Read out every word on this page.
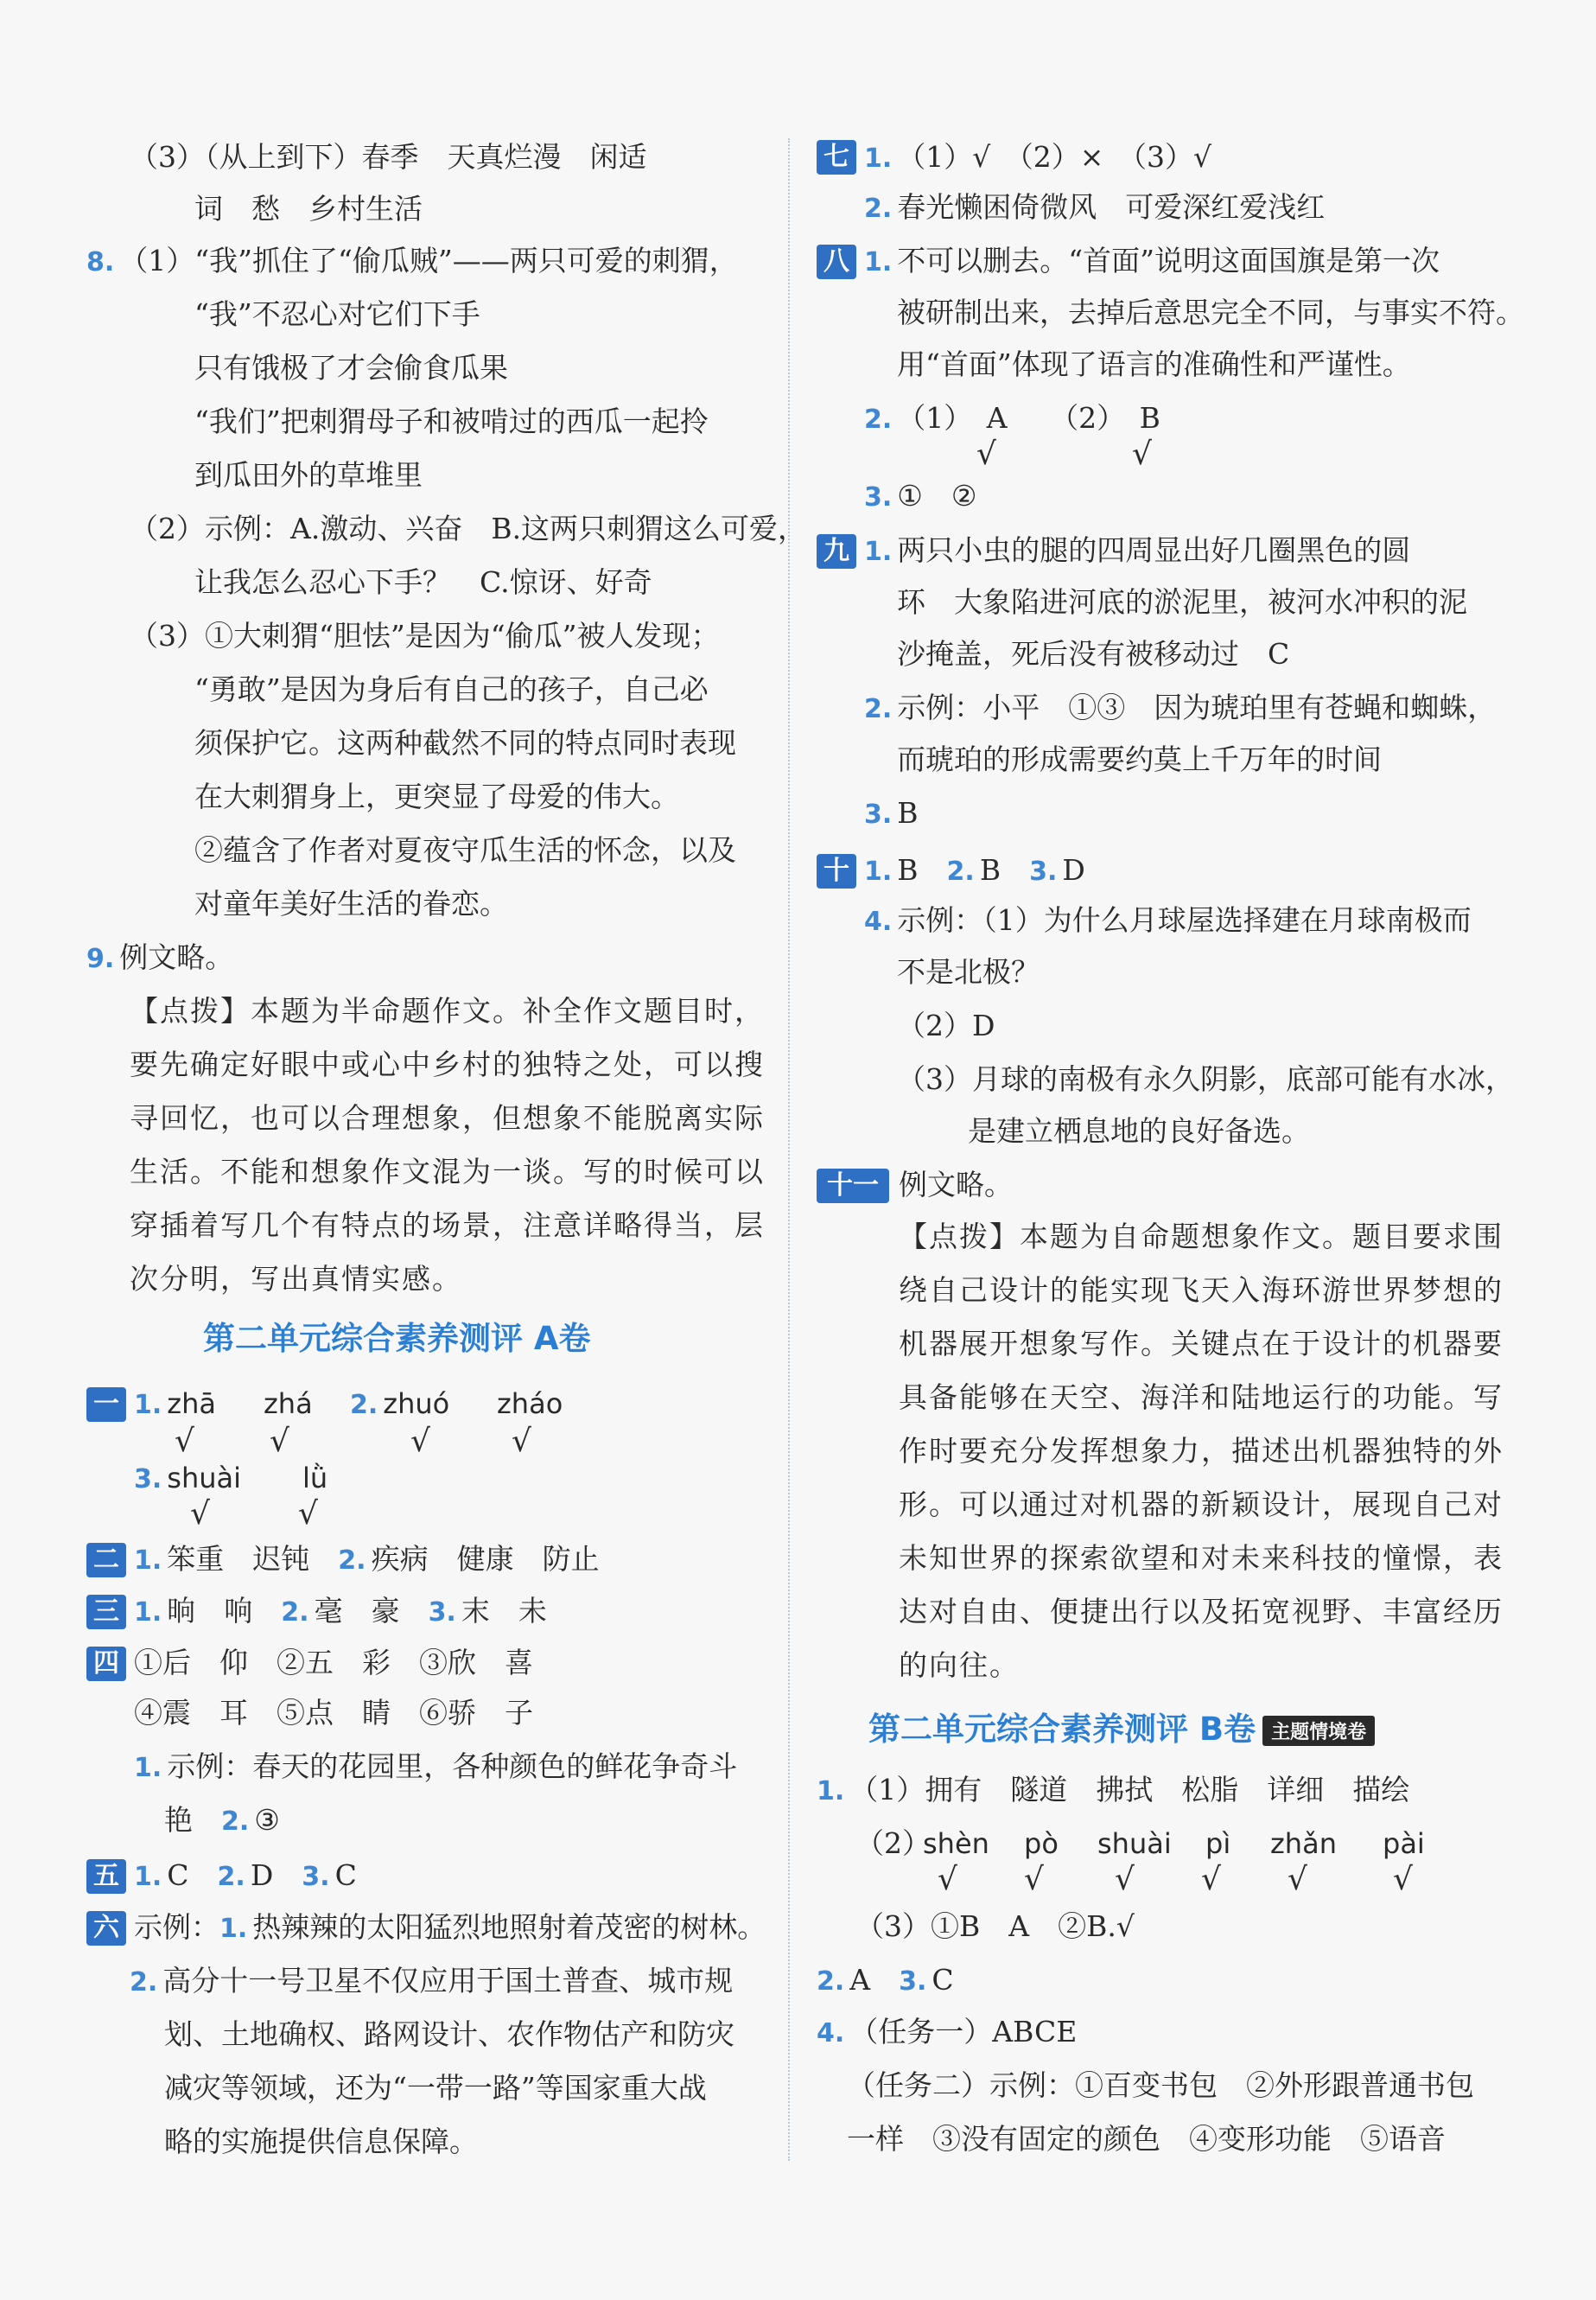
（3）（从上到下）春季　天真烂漫　闲适
词　愁　乡村生活
8. （1）“我”抓住了“偷瓜贼”——两只可爱的刺猬，
“我”不忍心对它们下手
只有饿极了才会偷食瓜果
“我们”把刺猬母子和被啃过的西瓜一起拎
到瓜田外的草堆里
（2）示例：A.激动、兴奋　B.这两只刺猬这么可爱，
让我怎么忍心下手？　C.惊讶、好奇
（3）①大刺猬“胆怯”是因为“偷瓜”被人发现；
“勇敢”是因为身后有自己的孩子，自己必
须保护它。这两种截然不同的特点同时表现
在大刺猬身上，更突显了母爱的伟大。
②蕴含了作者对夏夜守瓜生活的怀念，以及
对童年美好生活的眷恋。
9. 例文略。
【点拨】本题为半命题作文。补全作文题目时，
要先确定好眼中或心中乡村的独特之处，可以搜
寻回忆，也可以合理想象，但想象不能脱离实际
生活。不能和想象作文混为一谈。写的时候可以
穿插着写几个有特点的场景，注意详略得当，层
次分明，写出真情实感。
第二单元综合素养测评 A卷
一 1. zhā zhá 2. zhuó zháo
√ √	√	√
3. shuài lǜ
√	√
二 1. 笨重　迟钝　 2. 疾病　健康　防止
三 1. 晌　响　 2. 毫　豪　 3. 末　未
四 ①后　仰　②五　彩　③欣　喜
④震　耳　⑤点　睛　⑥骄　子
1. 示例：春天的花园里，各种颜色的鲜花争奇斗
艳　 2. ③
五 1. C　 2. D　 3. C
六 示例：1. 热辣辣的太阳猛烈地照射着茂密的树林。
2. 高分十一号卫星不仅应用于国土普查、城市规
划、土地确权、路网设计、农作物估产和防灾
减灾等领域，还为“一带一路”等国家重大战
略的实施提供信息保障。
七 1. （1）√　（2）×　（3）√
2. 春光懒困倚微风　可爱深红爱浅红
八 1. 不可以删去。“首面”说明这面国旗是第一次
被研制出来，去掉后意思完全不同，与事实不符。
用“首面”体现了语言的准确性和严谨性。
2. （1）　A　　（2）　B
√	√
3. ①　②
九 1. 两只小虫的腿的四周显出好几圈黑色的圆
环　大象陷进河底的淤泥里，被河水冲积的泥
沙掩盖，死后没有被移动过　C
2. 示例：小平　①③　因为琥珀里有苍蝇和蜘蛛，
而琥珀的形成需要约莫上千万年的时间
3. B
十 1. B　 2. B　 3. D
4. 示例：（1）为什么月球屋选择建在月球南极而
不是北极？
（2）D
（3）月球的南极有永久阴影，底部可能有水冰，
是建立栖息地的良好备选。
十一 例文略。
【点拨】本题为自命题想象作文。题目要求围
绕自己设计的能实现飞天入海环游世界梦想的
机器展开想象写作。关键点在于设计的机器要
具备能够在天空、海洋和陆地运行的功能。写
作时要充分发挥想象力，描述出机器独特的外
形。可以通过对机器的新颖设计，展现自己对
未知世界的探索欲望和对未来科技的憧憬，表
达对自由、便捷出行以及拓宽视野、丰富经历
的向往。
第二单元综合素养测评 B卷 主题情境卷
1. （1）拥有　隧道　拂拭　松脂　详细　描绘
（2）
shèn pò shuài pì zhǎn pài
√ √ √ √ √	√
（3）①B　A　②B.√
2. A　 3. C
4. （任务一）ABCE
（任务二）示例：①百变书包　②外形跟普通书包
一样　③没有固定的颜色　④变形功能　⑤语音
